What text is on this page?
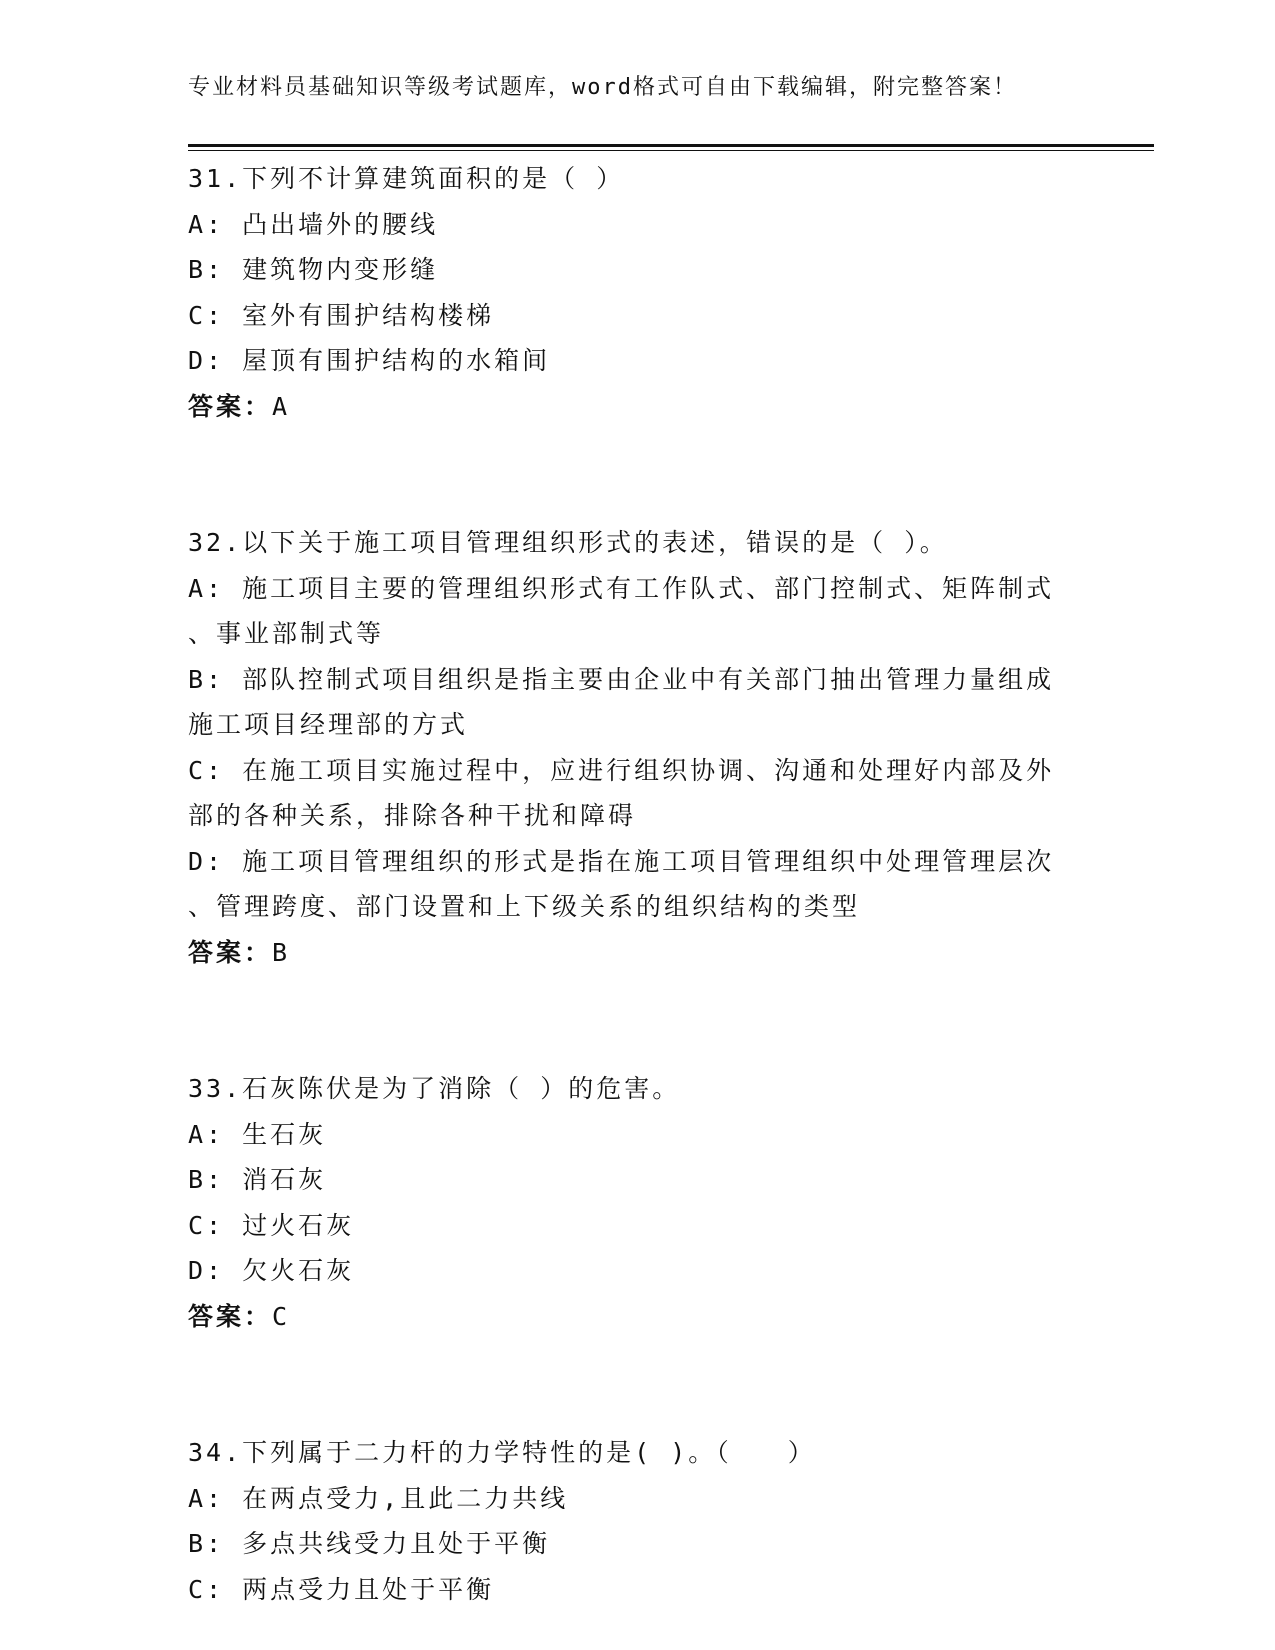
专业材料员基础知识等级考试题库，word格式可自由下载编辑，附完整答案！
31.下列不计算建筑面积的是（ ）
A: 凸出墙外的腰线
B: 建筑物内变形缝
C: 室外有围护结构楼梯
D: 屋顶有围护结构的水箱间
答案：A
32.以下关于施工项目管理组织形式的表述，错误的是（ ）。
A: 施工项目主要的管理组织形式有工作队式、部门控制式、矩阵制式
、事业部制式等
B: 部队控制式项目组织是指主要由企业中有关部门抽出管理力量组成
施工项目经理部的方式
C: 在施工项目实施过程中，应进行组织协调、沟通和处理好内部及外
部的各种关系，排除各种干扰和障碍
D: 施工项目管理组织的形式是指在施工项目管理组织中处理管理层次
、管理跨度、部门设置和上下级关系的组织结构的类型
答案：B
33.石灰陈伏是为了消除（ ）的危害。
A: 生石灰
B: 消石灰
C: 过火石灰
D: 欠火石灰
答案：C
34.下列属于二力杆的力学特性的是( )。（　　）
A: 在两点受力,且此二力共线
B: 多点共线受力且处于平衡
C: 两点受力且处于平衡
